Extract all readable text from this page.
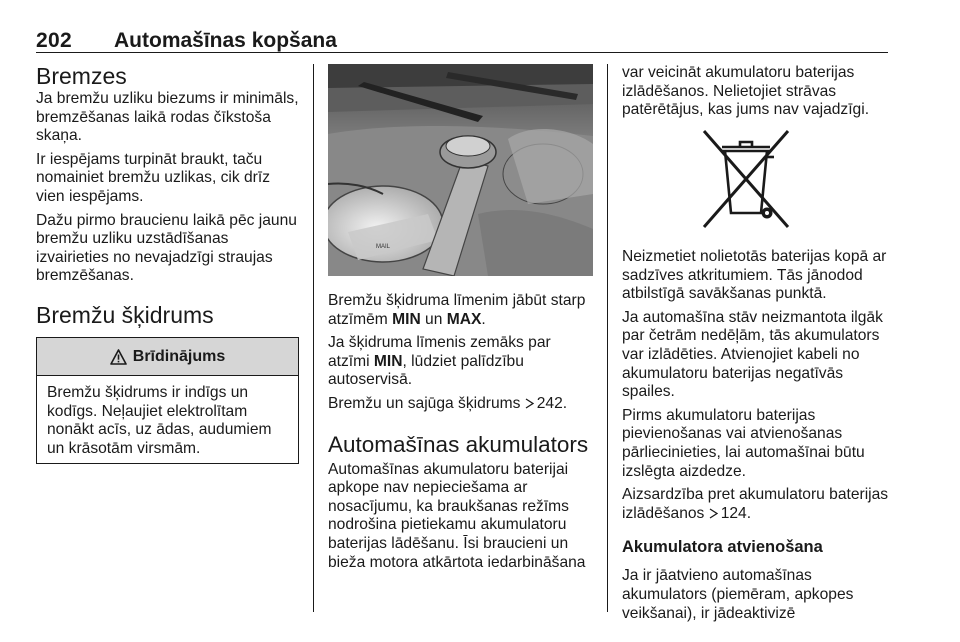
202 Automašīnas kopšana
Bremzes

Ja bremžu uzliku biezums ir minimāls, bremzēšanas laikā rodas čīkstoša skaņa.

Ir iespējams turpināt braukt, taču nomainiet bremžu uzlikas, cik drīz vien iespējams.

Dažu pirmo braucienu laikā pēc jaunu bremžu uzliku uzstādīšanas izvairieties no nevajadzīgi straujas bremzēšanas.

Bremžu šķidrums
Brīdinājums

Bremžu šķidrums ir indīgs un kodīgs. Neļaujiet elektrolītam nonākt acīs, uz ādas, audumiem un krāsotām virsmām.

MAIL

Bremžu šķidruma līmenim jābūt starp atzīmēm MIN un MAX.

Ja šķidruma līmenis zemāks par atzīmi MIN, lūdziet palīdzību autoservisā.

Bremžu un sajūga šķidrums 242.

Automašīnas akumulators

Automašīnas akumulatoru baterijai apkope nav nepieciešama ar nosacījumu, ka braukšanas režīms nodrošina pietiekamu akumulatoru baterijas lādēšanu. Īsi braucieni un bieža motora atkārtota iedarbināšana

var veicināt akumulatoru baterijas izlādēšanos. Nelietojiet strāvas patērētājus, kas jums nav vajadzīgi.

Neizmetiet nolietotās baterijas kopā ar sadzīves atkritumiem. Tās jānodod atbilstīgā savākšanas punktā.

Ja automašīna stāv neizmantota ilgāk par četrām nedēļām, tās akumulators var izlādēties. Atvienojiet kabeli no akumulatoru baterijas negatīvās spailes.

Pirms akumulatoru baterijas pievienošanas vai atvienošanas pārliecinieties, lai automašīnai būtu izslēgta aizdedze.

Aizsardzība pret akumulatoru baterijas izlādēšanos 124.

Akumulatora atvienošana

Ja ir jāatvieno automašīnas akumulators (piemēram, apkopes veikšanai), ir jādeaktivizē
